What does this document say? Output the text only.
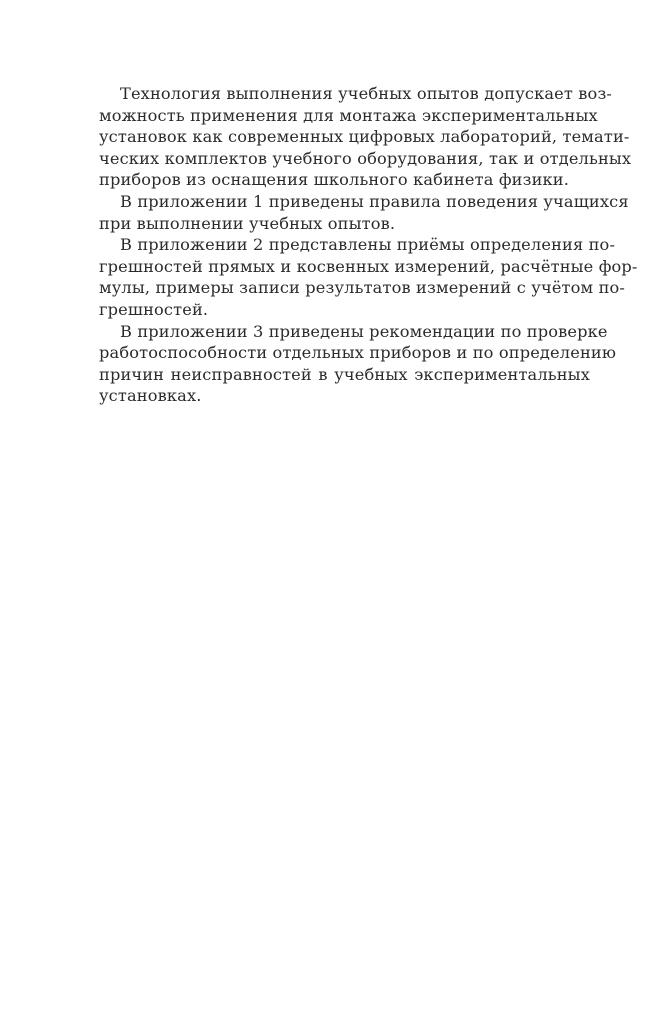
Технология выполнения учебных опытов допускает воз-
можность применения для монтажа экспериментальных
установок как современных цифровых лабораторий, темати-
ческих комплектов учебного оборудования, так и отдельных
приборов из оснащения школьного кабинета физики.
В приложении 1 приведены правила поведения учащихся
при выполнении учебных опытов.
В приложении 2 представлены приёмы определения по-
грешностей прямых и косвенных измерений, расчётные фор-
мулы, примеры записи результатов измерений с учётом по-
грешностей.
В приложении 3 приведены рекомендации по проверке
работоспособности отдельных приборов и по определению
причин неисправностей в учебных экспериментальных
установках.
